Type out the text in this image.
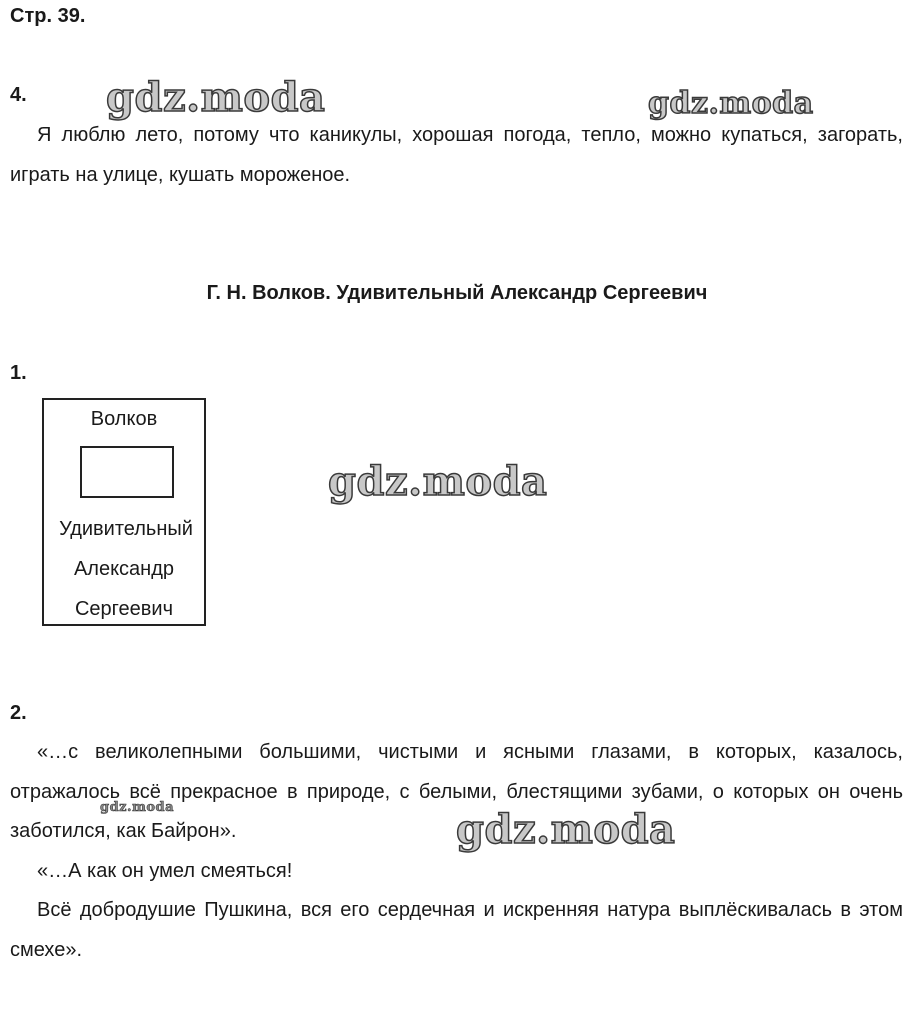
Стр. 39.
gdz.moda	gdz.moda
gdz.moda
gdz.moda	gdz.moda
4.

Я люблю лето, потому что каникулы, хорошая погода, тепло, можно купаться, загорать, играть на улице, кушать мороженое.

Г. Н. Волков. Удивительный Александр Сергеевич
1.
Волков
Удивительный
Александр
Сергеевич
2.

«…с великолепными большими, чистыми и ясными глазами, в которых, казалось, отражалось всё прекрасное в природе, с белыми, блестящими зубами, о которых он очень заботился, как Байрон».

«…А как он умел смеяться!

Всё добродушие Пушкина, вся его сердечная и искренняя натура выплёскивалась в этом смехе».
